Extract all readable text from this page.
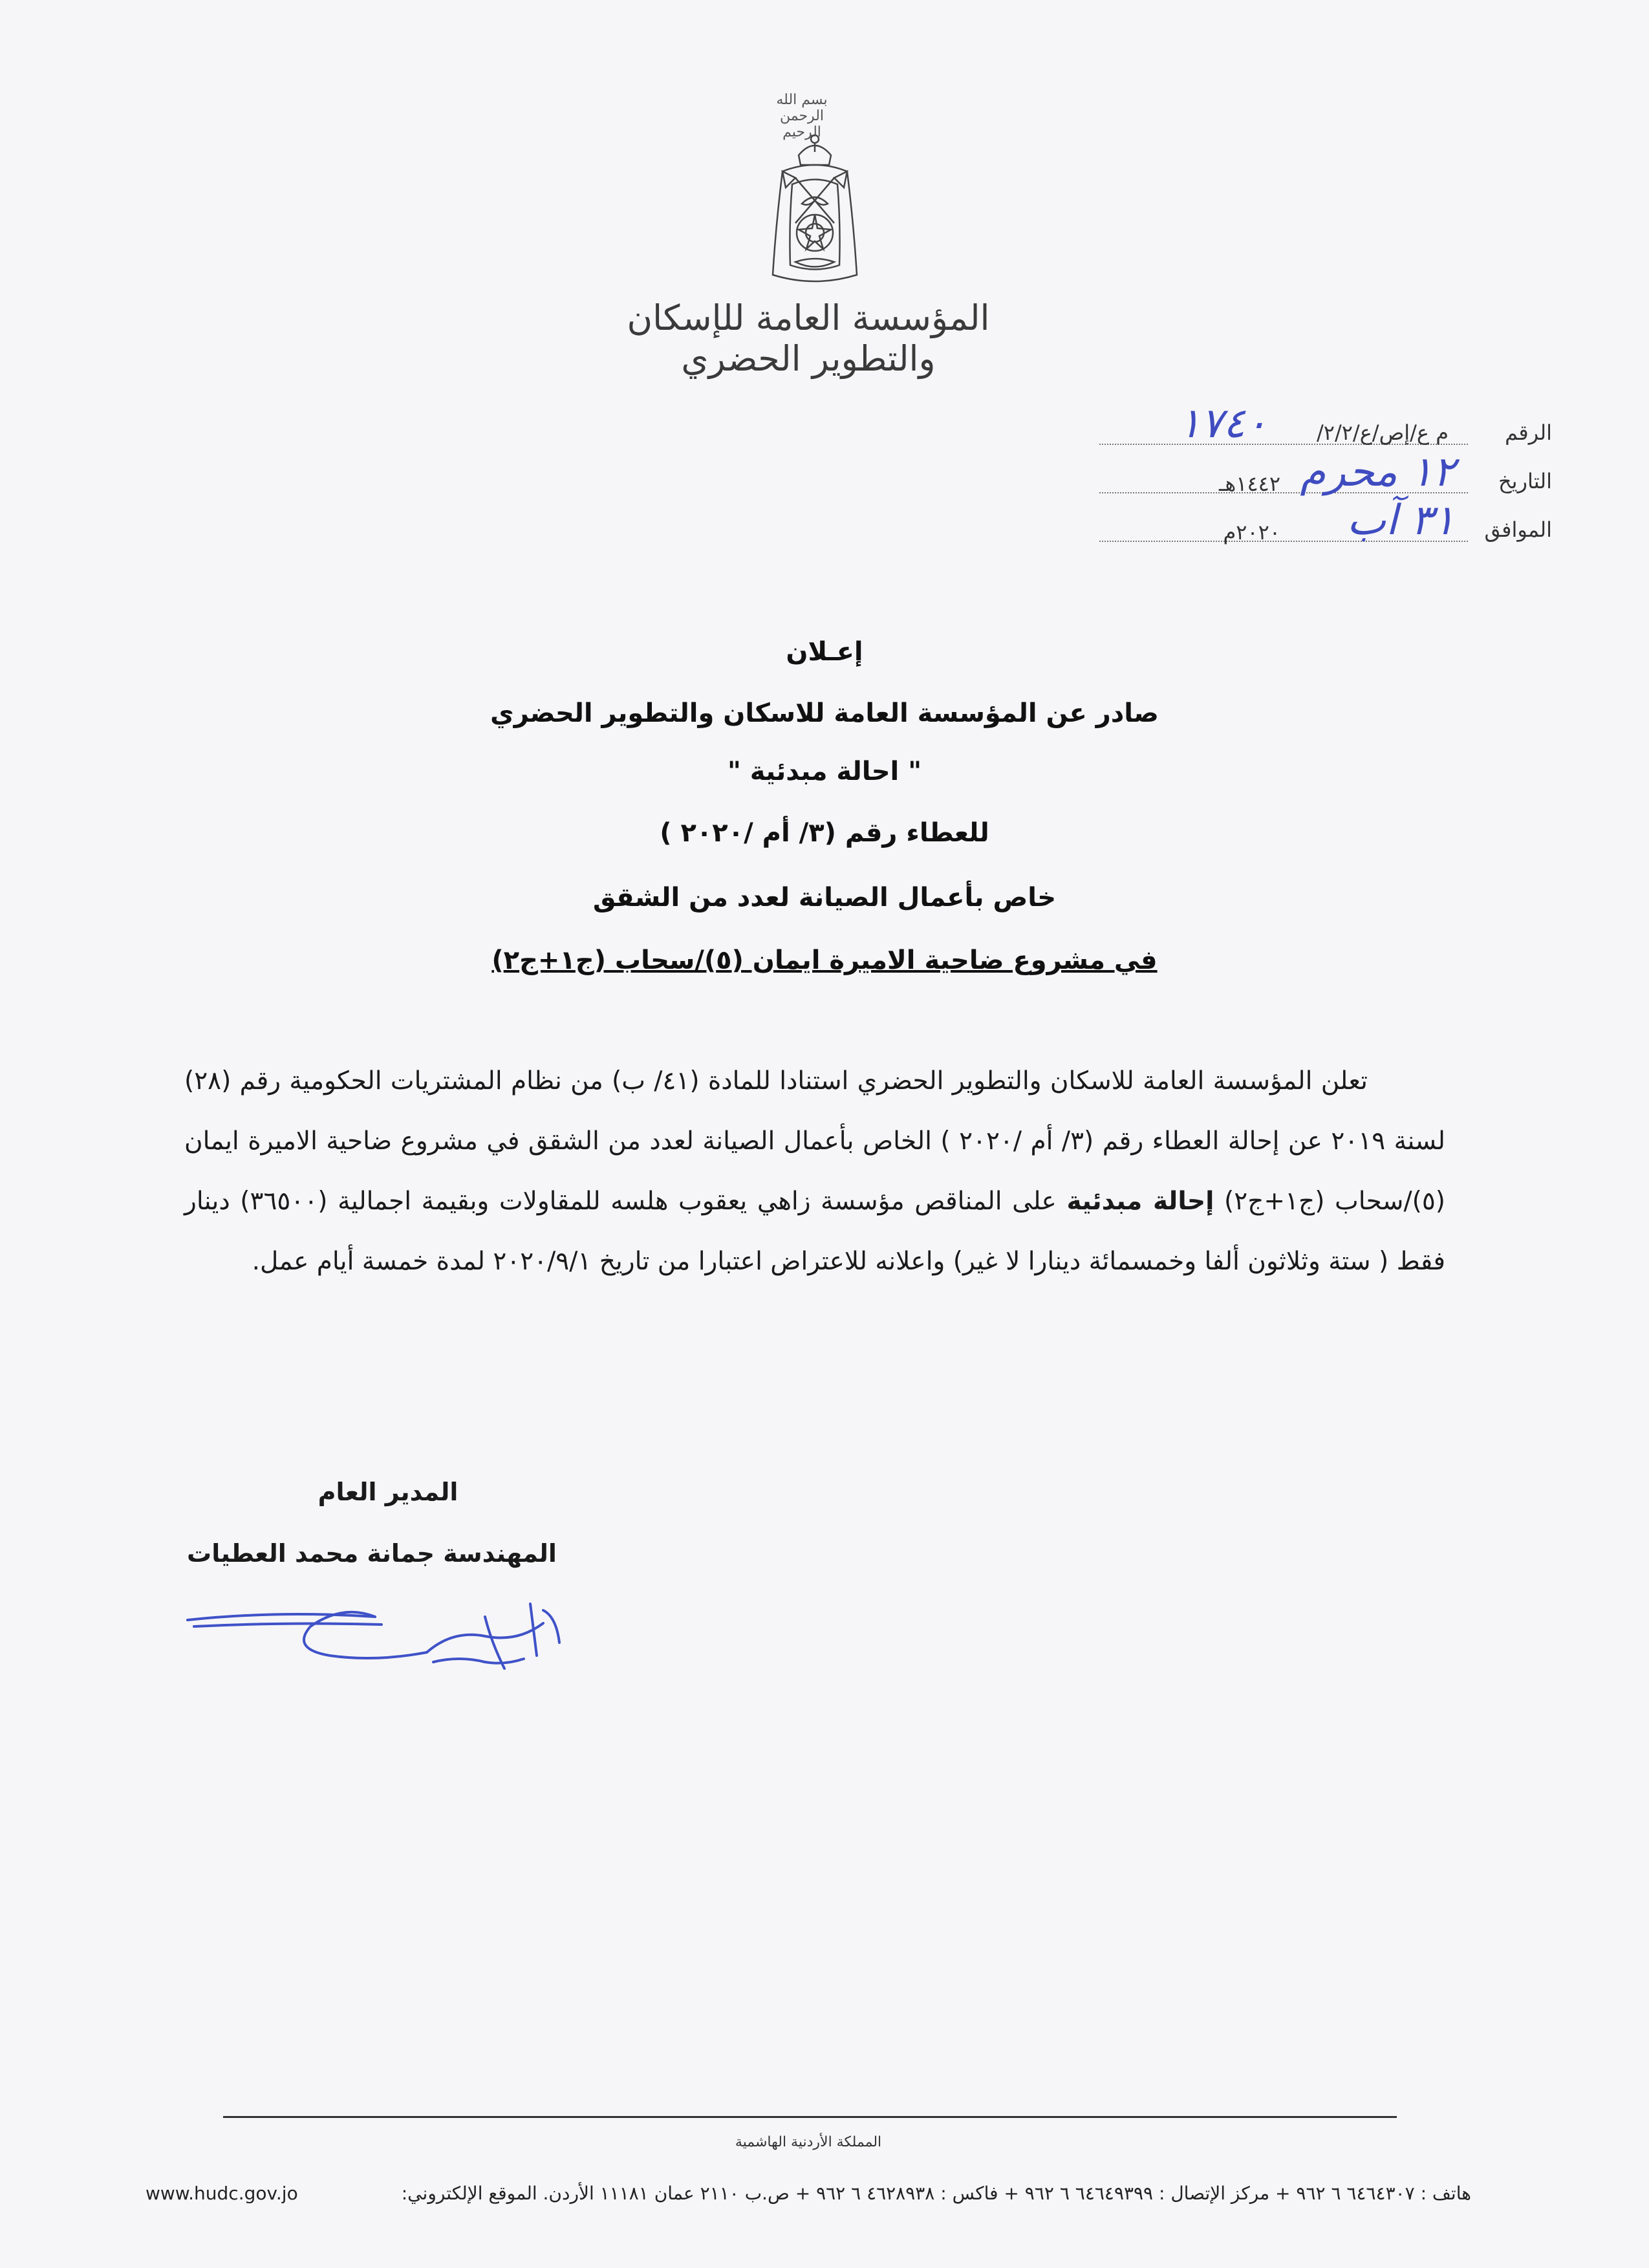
بسم الله الرحمن الرحيم
المؤسسة العامة للإسكان والتطوير الحضري
الرقم
م ع/إص/ع/٢/٢/
١٧٤٠
التاريخ
١٢ محرم
١٤٤٢هـ
الموافق
٣١ آب
٢٠٢٠م
إعـلان
صادر عن المؤسسة العامة للاسكان والتطوير الحضري
" احالة مبدئية "
للعطاء رقم (٣/ أم /٢٠٢٠ )
خاص بأعمال الصيانة لعدد من الشقق
في مشروع ضاحية الاميرة ايمان (٥)/سحاب (ج١+ج٢)

تعلن المؤسسة العامة للاسكان والتطوير الحضري استنادا للمادة (٤١/ ب) من نظام المشتريات الحكومية رقم (٢٨) لسنة ٢٠١٩ عن إحالة العطاء رقم (٣/ أم /٢٠٢٠ ) الخاص بأعمال الصيانة لعدد من الشقق في مشروع ضاحية الاميرة ايمان (٥)/سحاب (ج١+ج٢) إحالة مبدئية على المناقص مؤسسة زاهي يعقوب هلسه للمقاولات وبقيمة اجمالية (٣٦٥٠٠) دينار فقط ( ستة وثلاثون ألفا وخمسمائة دينارا لا غير) واعلانه للاعتراض اعتبارا من تاريخ ٢٠٢٠/٩/١ لمدة خمسة أيام عمل.

المدير العام
المهندسة جمانة محمد العطيات
المملكة الأردنية الهاشمية
هاتف : ٦٤٦٤٣٠٧ ٦ ٩٦٢ + مركز الإتصال : ٦٤٦٤٩٣٩٩ ٦ ٩٦٢ + فاكس : ٤٦٢٨٩٣٨ ٦ ٩٦٢ + ص.ب ٢١١٠ عمان ١١١٨١ الأردن. الموقع الإلكتروني:
www.hudc.gov.jo
